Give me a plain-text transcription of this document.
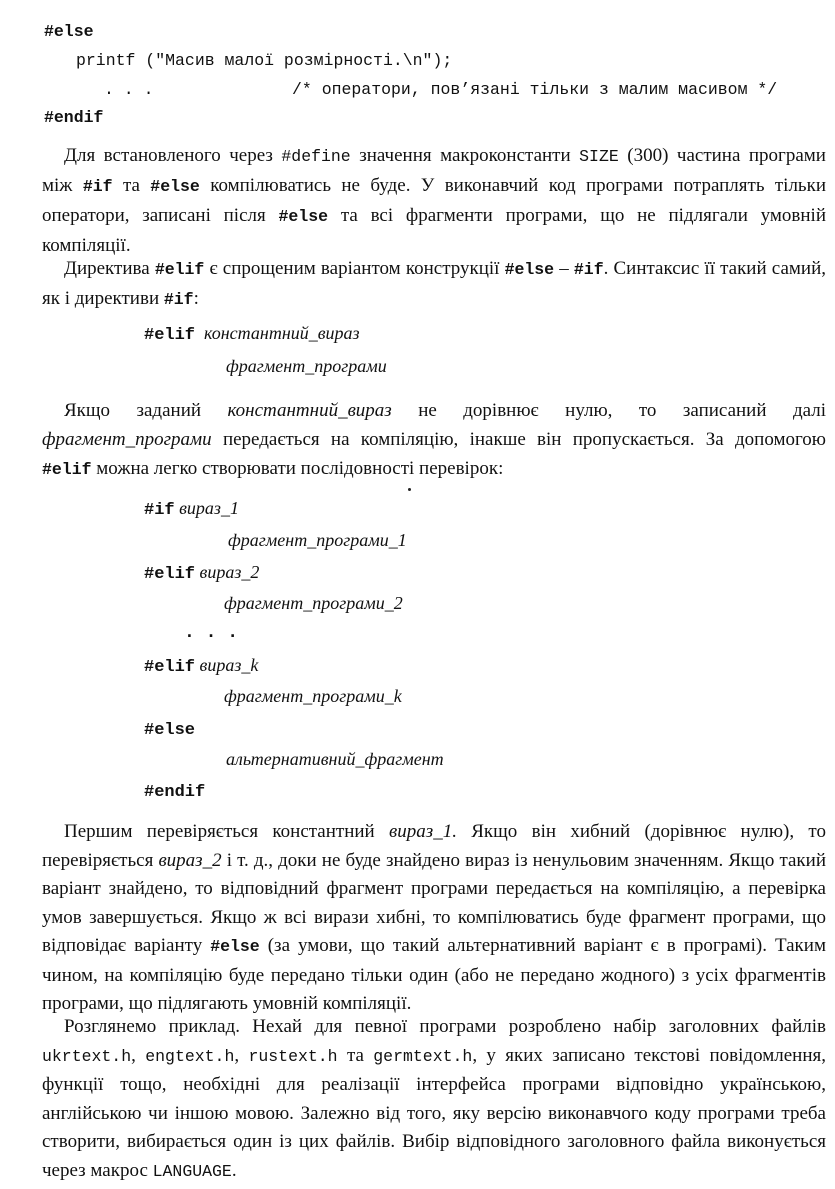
#else
printf ("Масив малої розмірності.\n");
. . .	/* оператори, пов’язані тільки з малим масивом */
#endif

Для встановленого через #define значення макроконстанти SIZE (300) частина програми між #if та #else компілюватись не буде. У виконавчий код програми потраплять тільки оператори, записані після #else та всі фрагменти програми, що не підлягали умовній компіляції.

Директива #elif є спрощеним варіантом конструкції #else – #if. Синтаксис її такий самий, як і директиви #if:

#elif константний_вираз
фрагмент_програми

Якщо заданий константний_вираз не дорівнює нулю, то записаний далі фрагмент_програми передається на компіляцію, інакше він пропускається. За допомогою #elif можна легко створювати послідовності перевірок:

#if вираз_1
фрагмент_програми_1
#elif вираз_2
фрагмент_програми_2
. . .
#elif вираз_k
фрагмент_програми_k
#else
альтернативний_фрагмент
#endif

Першим перевіряється константний вираз_1. Якщо він хибний (дорівнює нулю), то перевіряється вираз_2 і т. д., доки не буде знайдено вираз із ненульовим значенням. Якщо такий варіант знайдено, то відповідний фрагмент програми передається на компіляцію, а перевірка умов завершується. Якщо ж всі вирази хибні, то компілюватись буде фрагмент програми, що відповідає варіанту #else (за умови, що такий альтернативний варіант є в програмі). Таким чином, на компіляцію буде передано тільки один (або не передано жодного) з усіх фрагментів програми, що підлягають умовній компіляції.

Розглянемо приклад. Нехай для певної програми розроблено набір заголовних файлів ukrtext.h, engtext.h, rustext.h та germtext.h, у яких записано текстові повідомлення, функції тощо, необхідні для реалізації інтерфейса програми відповідно українською, англійською чи іншою мовою. Залежно від того, яку версію виконавчого коду програми треба створити, вибирається один із цих файлів. Вибір відповідного заголовного файла виконується через макрос LANGUAGE.
